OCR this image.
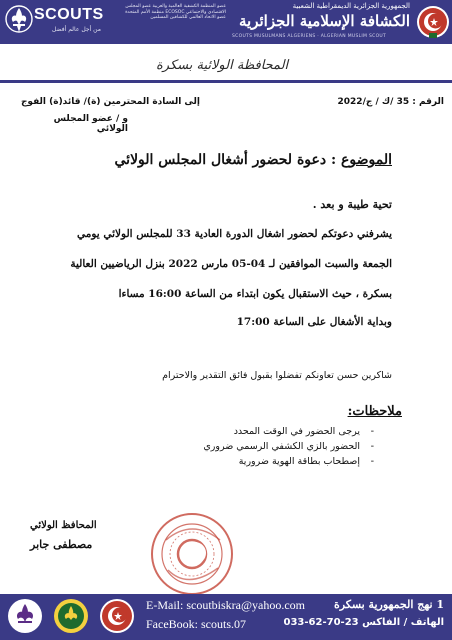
SCOUTS
من أجل عالم أفضل
عضو المنظمة الكشفية العالمية والعربية عضو المجلس الاقتصادي والاجتماعي ECOSOC منظمة الأمم المتحدة عضو الاتحاد العالمي للكشافين المسلمين
الجمهورية الجزائرية الديمقراطية الشعبية
الكشافة الإسلامية الجزائرية
SCOUTS MUSULMANS ALGERIENS · ALGERIAN MUSLIM SCOUT
المحافظة الولائية بسكرة
الرقم : 35 /ك / ج/2022
إلى السادة المحترمين (ة)/ قائد(ة) الفوج
و / عضو المجلس الولائي
الموضوع : دعوة لحضور أشغال المجلس الولائي
تحية طيبة و بعد .
يشرفني دعوتكم لحضور اشغال الدورة العادية 33 للمجلس الولائي يومي
الجمعة والسبت الموافقين لـ 04-05 مارس 2022 بنزل الرياضيين العالية
بسكرة ، حيث الاستقبال يكون ابتداء من الساعة 16:00 مساءا
وبداية الأشغال على الساعة 17:00
شاكرين حسن تعاونكم تفضلوا بقبول فائق التقدير والاحترام
ملاحظات:
-يرجى الحضور في الوقت المحدد
-الحضور بالزي الكشفي الرسمي ضروري
-إصطحاب بطاقة الهوية ضرورية
المحافظ الولائي
مصطفى جابر
E-Mail: scoutbiskra@yahoo.com
FaceBook: scouts.07
1 نهج الجمهورية بسكرة
الهاتف / الفاكس 23-70-62-033
